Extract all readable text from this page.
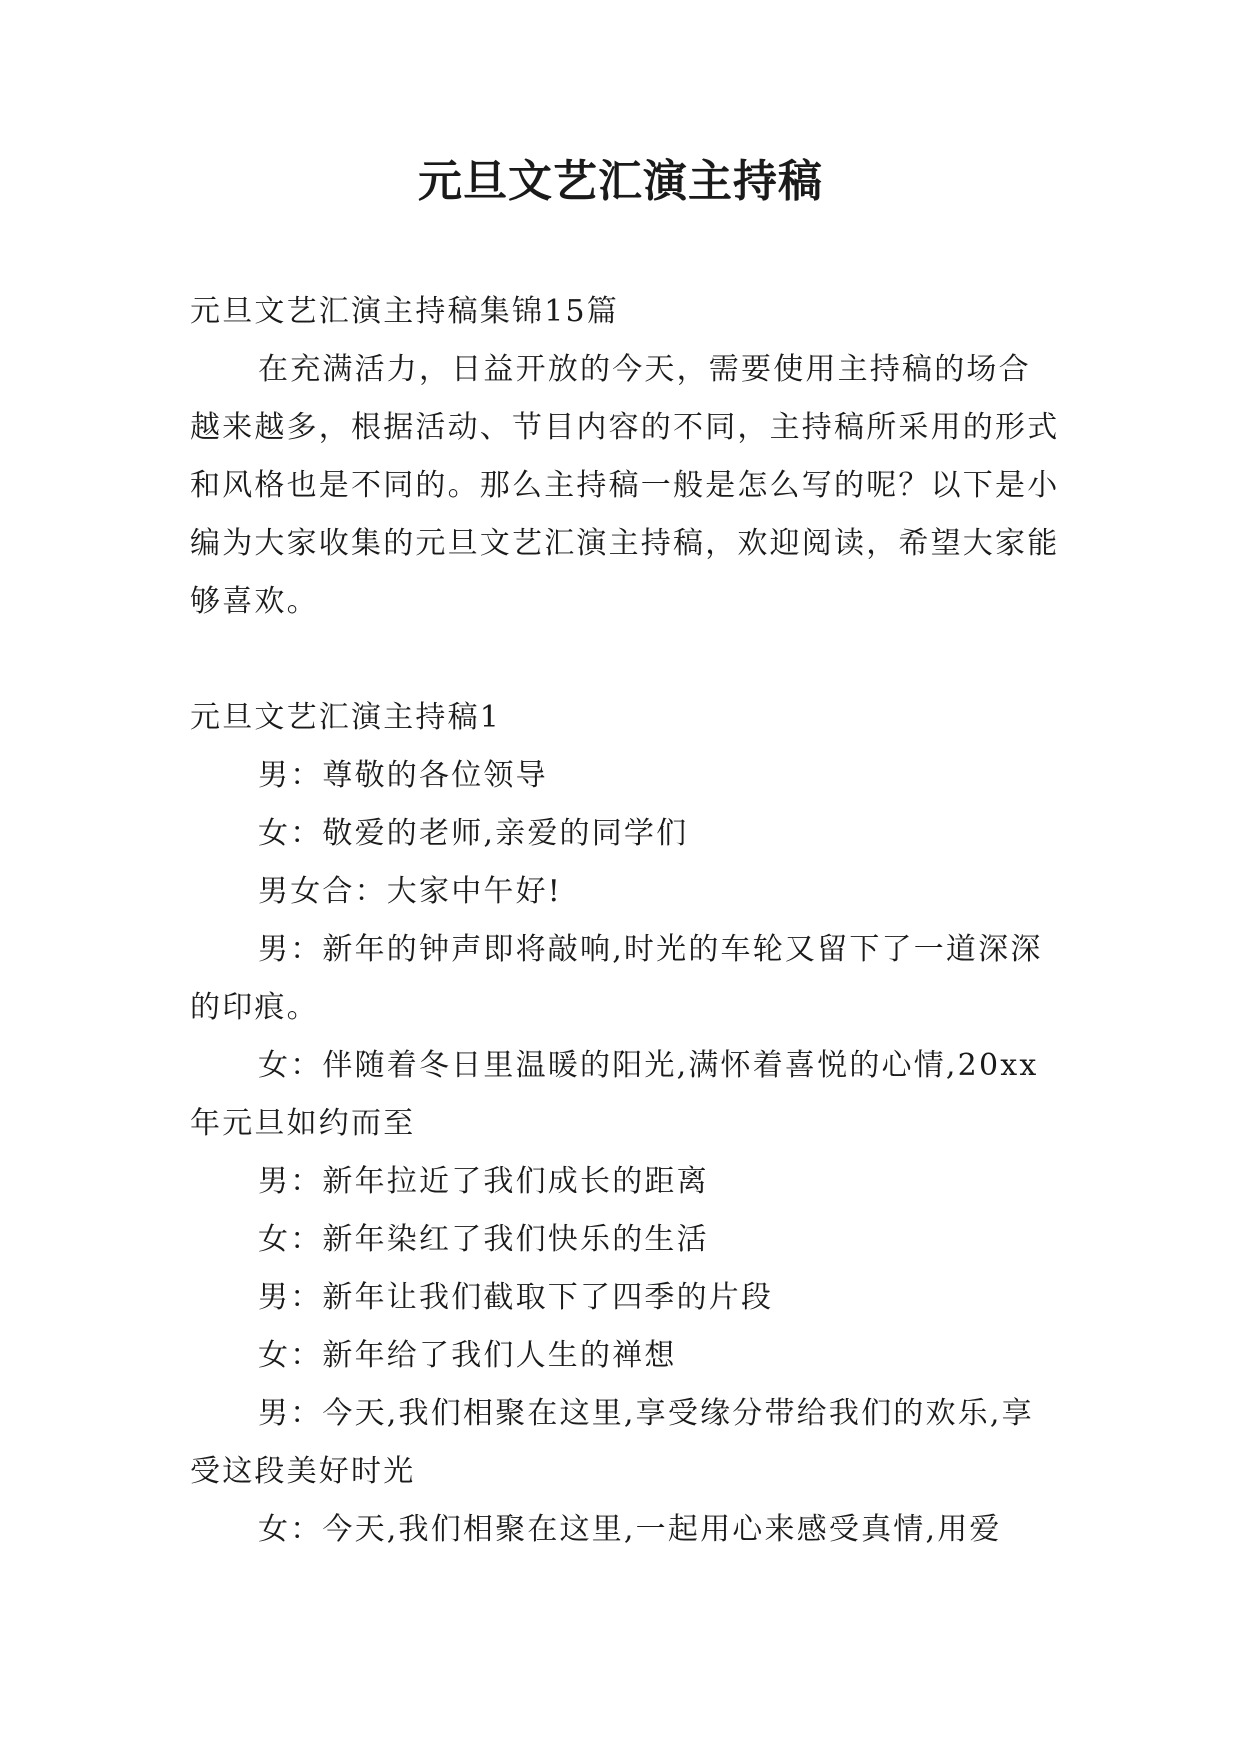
元旦文艺汇演主持稿

元旦文艺汇演主持稿集锦15篇

在充满活力，日益开放的今天，需要使用主持稿的场合越来越多，根据活动、节目内容的不同，主持稿所采用的形式和风格也是不同的。那么主持稿一般是怎么写的呢？以下是小编为大家收集的元旦文艺汇演主持稿，欢迎阅读，希望大家能够喜欢。

元旦文艺汇演主持稿1

男：尊敬的各位领导

女：敬爱的老师,亲爱的同学们

男女合：大家中午好!

男：新年的钟声即将敲响,时光的车轮又留下了一道深深的印痕。

女：伴随着冬日里温暖的阳光,满怀着喜悦的心情,20xx年元旦如约而至

男：新年拉近了我们成长的距离

女：新年染红了我们快乐的生活

男：新年让我们截取下了四季的片段

女：新年给了我们人生的禅想

男：今天,我们相聚在这里,享受缘分带给我们的欢乐,享受这段美好时光

女：今天,我们相聚在这里,一起用心来感受真情,用爱
